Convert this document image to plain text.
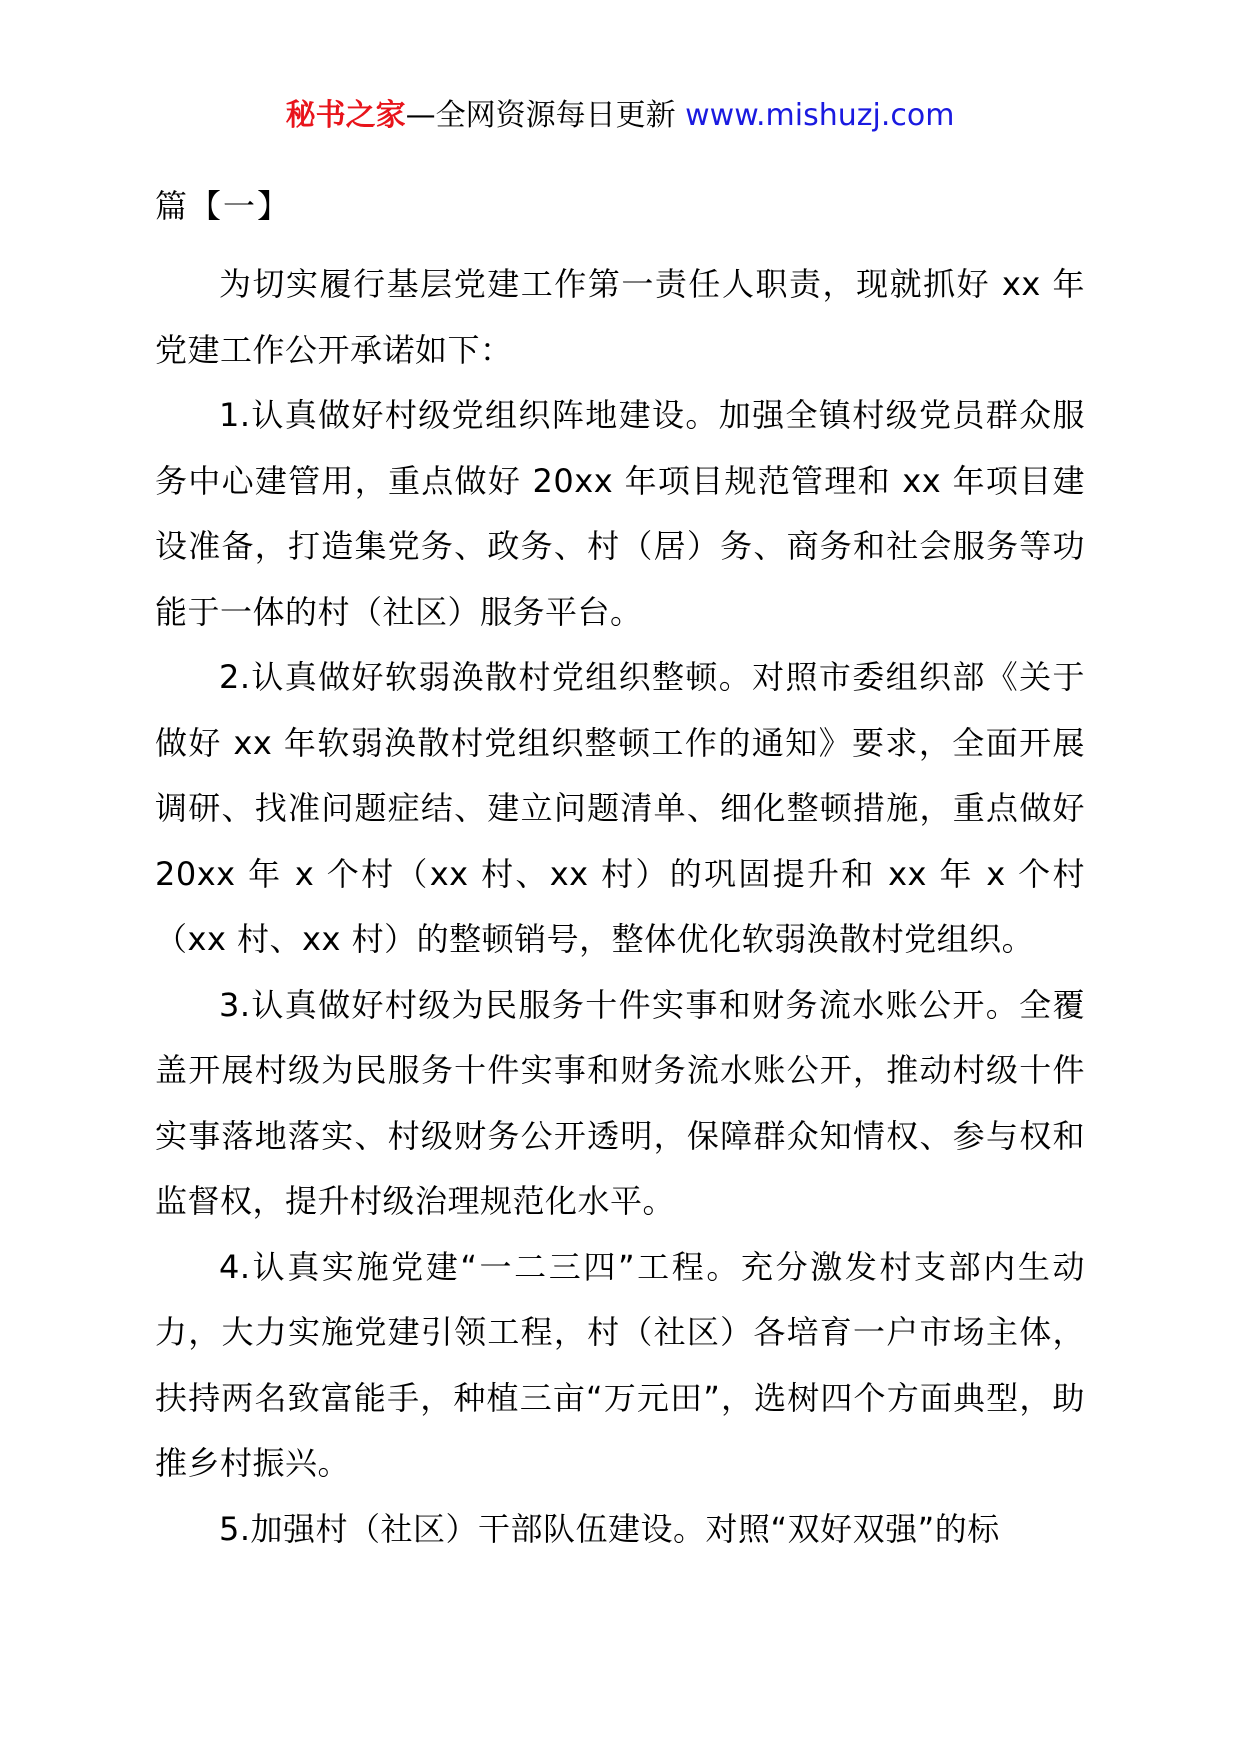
秘书之家—全网资源每日更新 www.mishuzj.com
篇【一】

为切实履行基层党建工作第一责任人职责，现就抓好 xx 年党建工作公开承诺如下：

1.认真做好村级党组织阵地建设。加强全镇村级党员群众服务中心建管用，重点做好 20xx 年项目规范管理和 xx 年项目建设准备，打造集党务、政务、村（居）务、商务和社会服务等功能于一体的村（社区）服务平台。

2.认真做好软弱涣散村党组织整顿。对照市委组织部《关于做好 xx 年软弱涣散村党组织整顿工作的通知》要求，全面开展调研、找准问题症结、建立问题清单、细化整顿措施，重点做好 20xx 年 x 个村（xx 村、xx 村）的巩固提升和 xx 年 x 个村（xx 村、xx 村）的整顿销号，整体优化软弱涣散村党组织。

3.认真做好村级为民服务十件实事和财务流水账公开。全覆盖开展村级为民服务十件实事和财务流水账公开，推动村级十件实事落地落实、村级财务公开透明，保障群众知情权、参与权和监督权，提升村级治理规范化水平。

4.认真实施党建“一二三四”工程。充分激发村支部内生动力，大力实施党建引领工程，村（社区）各培育一户市场主体，扶持两名致富能手，种植三亩“万元田”，选树四个方面典型，助推乡村振兴。

5.加强村（社区）干部队伍建设。对照“双好双强”的标
